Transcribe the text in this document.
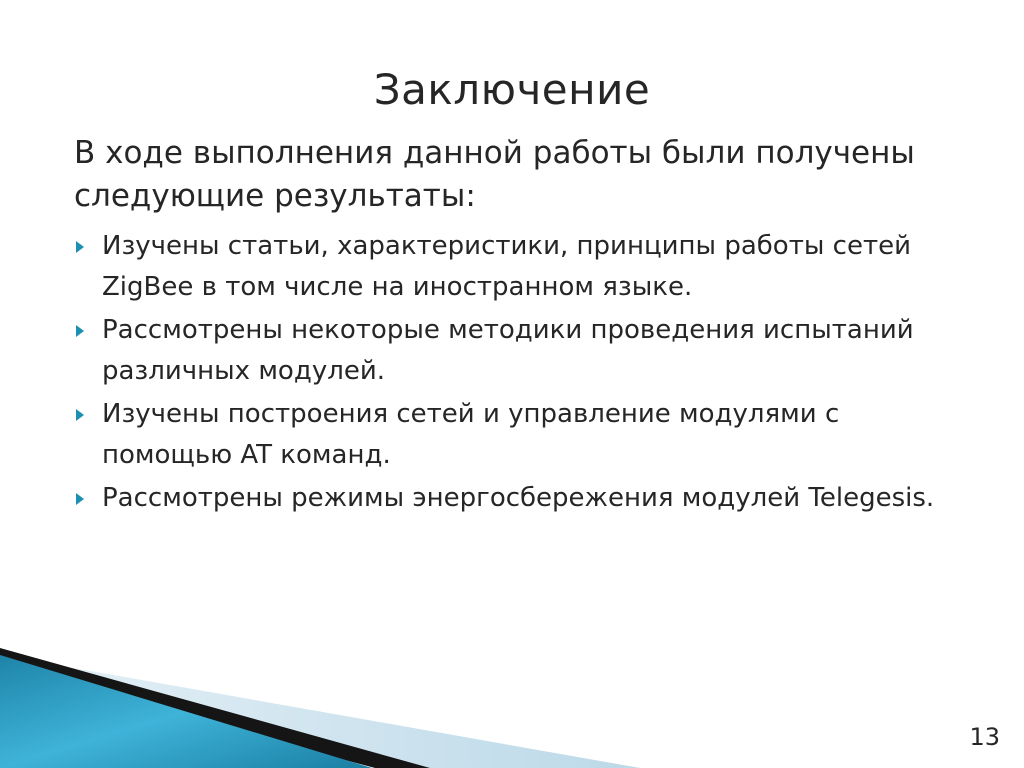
Заключение
В ходе выполнения данной работы были получены следующие результаты:
Изучены статьи, характеристики, принципы работы сетей ZigBee в том числе на иностранном языке.
Рассмотрены некоторые методики проведения испытаний различных модулей.
Изучены построения сетей и управление модулями с помощью AT команд.
Рассмотрены режимы энергосбережения модулей Telegesis.
13
